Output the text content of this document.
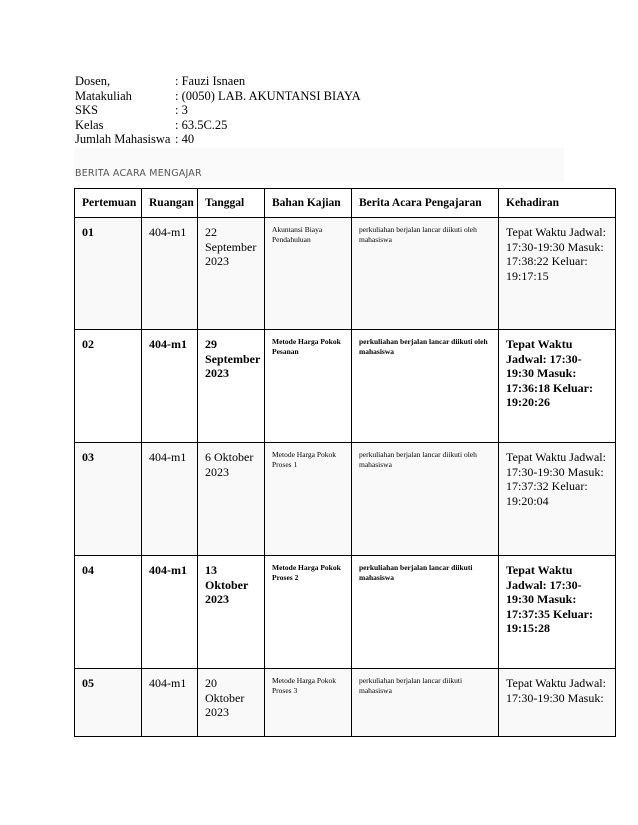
Dosen,	: Fauzi Isnaen
Matakuliah	: (0050) LAB. AKUNTANSI BIAYA
SKS	: 3
Kelas	: 63.5C.25
Jumlah Mahasiswa : 40
BERITA ACARA MENGAJAR
Pertemuan	Ruangan	Tanggal	Bahan Kajian	Berita Acara Pengajaran	Kehadiran

01	404-m1	22 September 2023	Akuntansi Biaya Pendahuluan	perkuliahan berjalan lancar diikuti oleh mahasiswa	Tepat Waktu Jadwal: 17:30-19:30 Masuk: 17:38:22 Keluar: 19:17:15

02	404-m1	29 September 2023	Metode Harga Pokok Pesanan	perkuliahan berjalan lancar diikuti oleh mahasiswa	Tepat Waktu Jadwal: 17:30-19:30 Masuk: 17:36:18 Keluar: 19:20:26

03	404-m1	6 Oktober 2023	Metode Harga Pokok Proses 1	perkuliahan berjalan lancar diikuti oleh mahasiswa	Tepat Waktu Jadwal: 17:30-19:30 Masuk: 17:37:32 Keluar: 19:20:04

04	404-m1	13 Oktober 2023	Metode Harga Pokok Proses 2	perkuliahan berjalan lancar diikuti mahasiswa	Tepat Waktu Jadwal: 17:30-19:30 Masuk: 17:37:35 Keluar: 19:15:28

05	404-m1	20 Oktober 2023	Metode Harga Pokok Proses 3	perkuliahan berjalan lancar diikuti mahasiswa	Tepat Waktu Jadwal: 17:30-19:30 Masuk:
